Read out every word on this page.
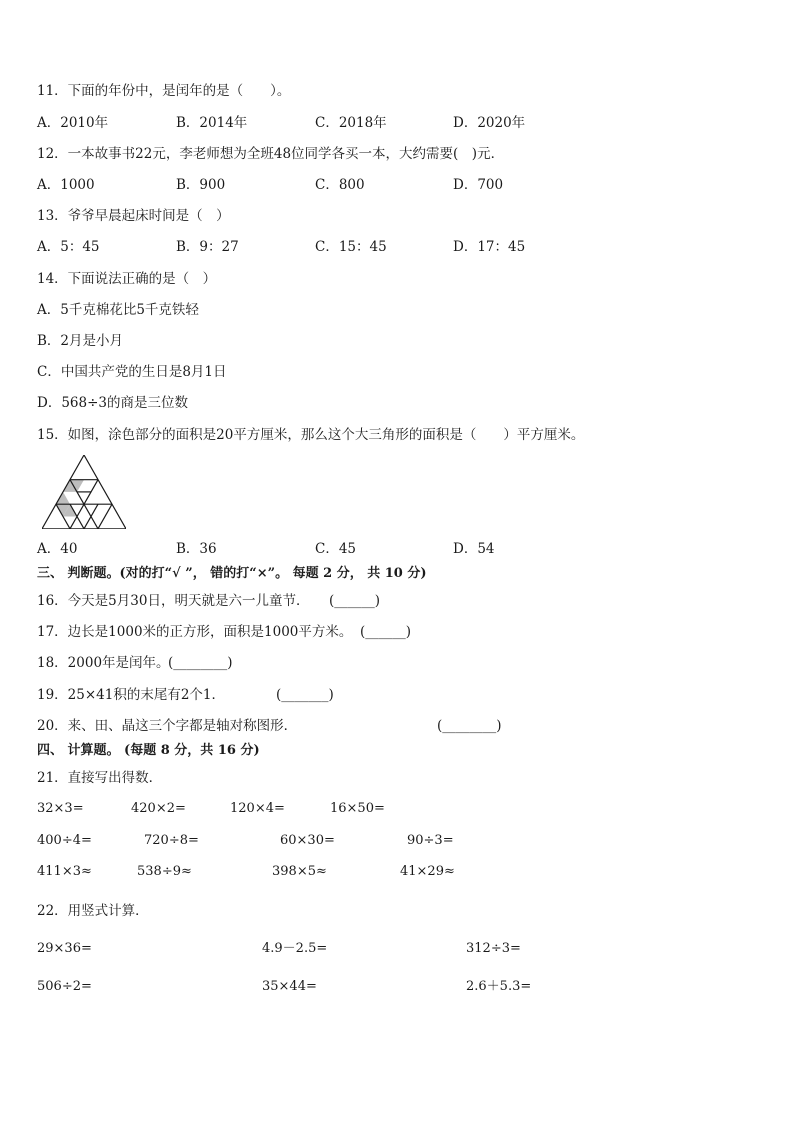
11．下面的年份中，是闰年的是（　　）。
A．2010年	B．2014年	C．2018年	D．2020年
12．一本故事书22元，李老师想为全班48位同学各买一本，大约需要(　)元．
A．1000	B．900	C．800	D．700
13．爷爷早晨起床时间是（　）
A．5：45	B．9：27	C．15：45	D．17：45
14．下面说法正确的是（　）
A．5千克棉花比5千克铁轻
B．2月是小月
C．中国共产党的生日是8月1日
D．568÷3的商是三位数
15．如图，涂色部分的面积是20平方厘米，那么这个大三角形的面积是（　　）平方厘米。
A．40	B．36	C．45	D．54
三、 判断题。(对的打“√ ”， 错的打“×”。 每题 2 分， 共 10 分)
16．今天是5月30日，明天就是六一儿童节． (______)
17．边长是1000米的正方形，面积是1000平方米。 (______)
18．2000年是闰年。
(________)
19．25×41积的末尾有2个1．	(_______)
20．来、田、晶这三个字都是轴对称图形．	(________)
四、 计算题。 (每题 8 分，共 16 分)
21．直接写出得数．
32×3=	420×2=	120×4=	16×50=
400÷4=	720÷8=	60×30=	90÷3=
411×3≈	538÷9≈	398×5≈	41×29≈
22．用竖式计算．
29×36=	4.9－2.5=	312÷3=
506÷2=	35×44=	2.6＋5.3=
